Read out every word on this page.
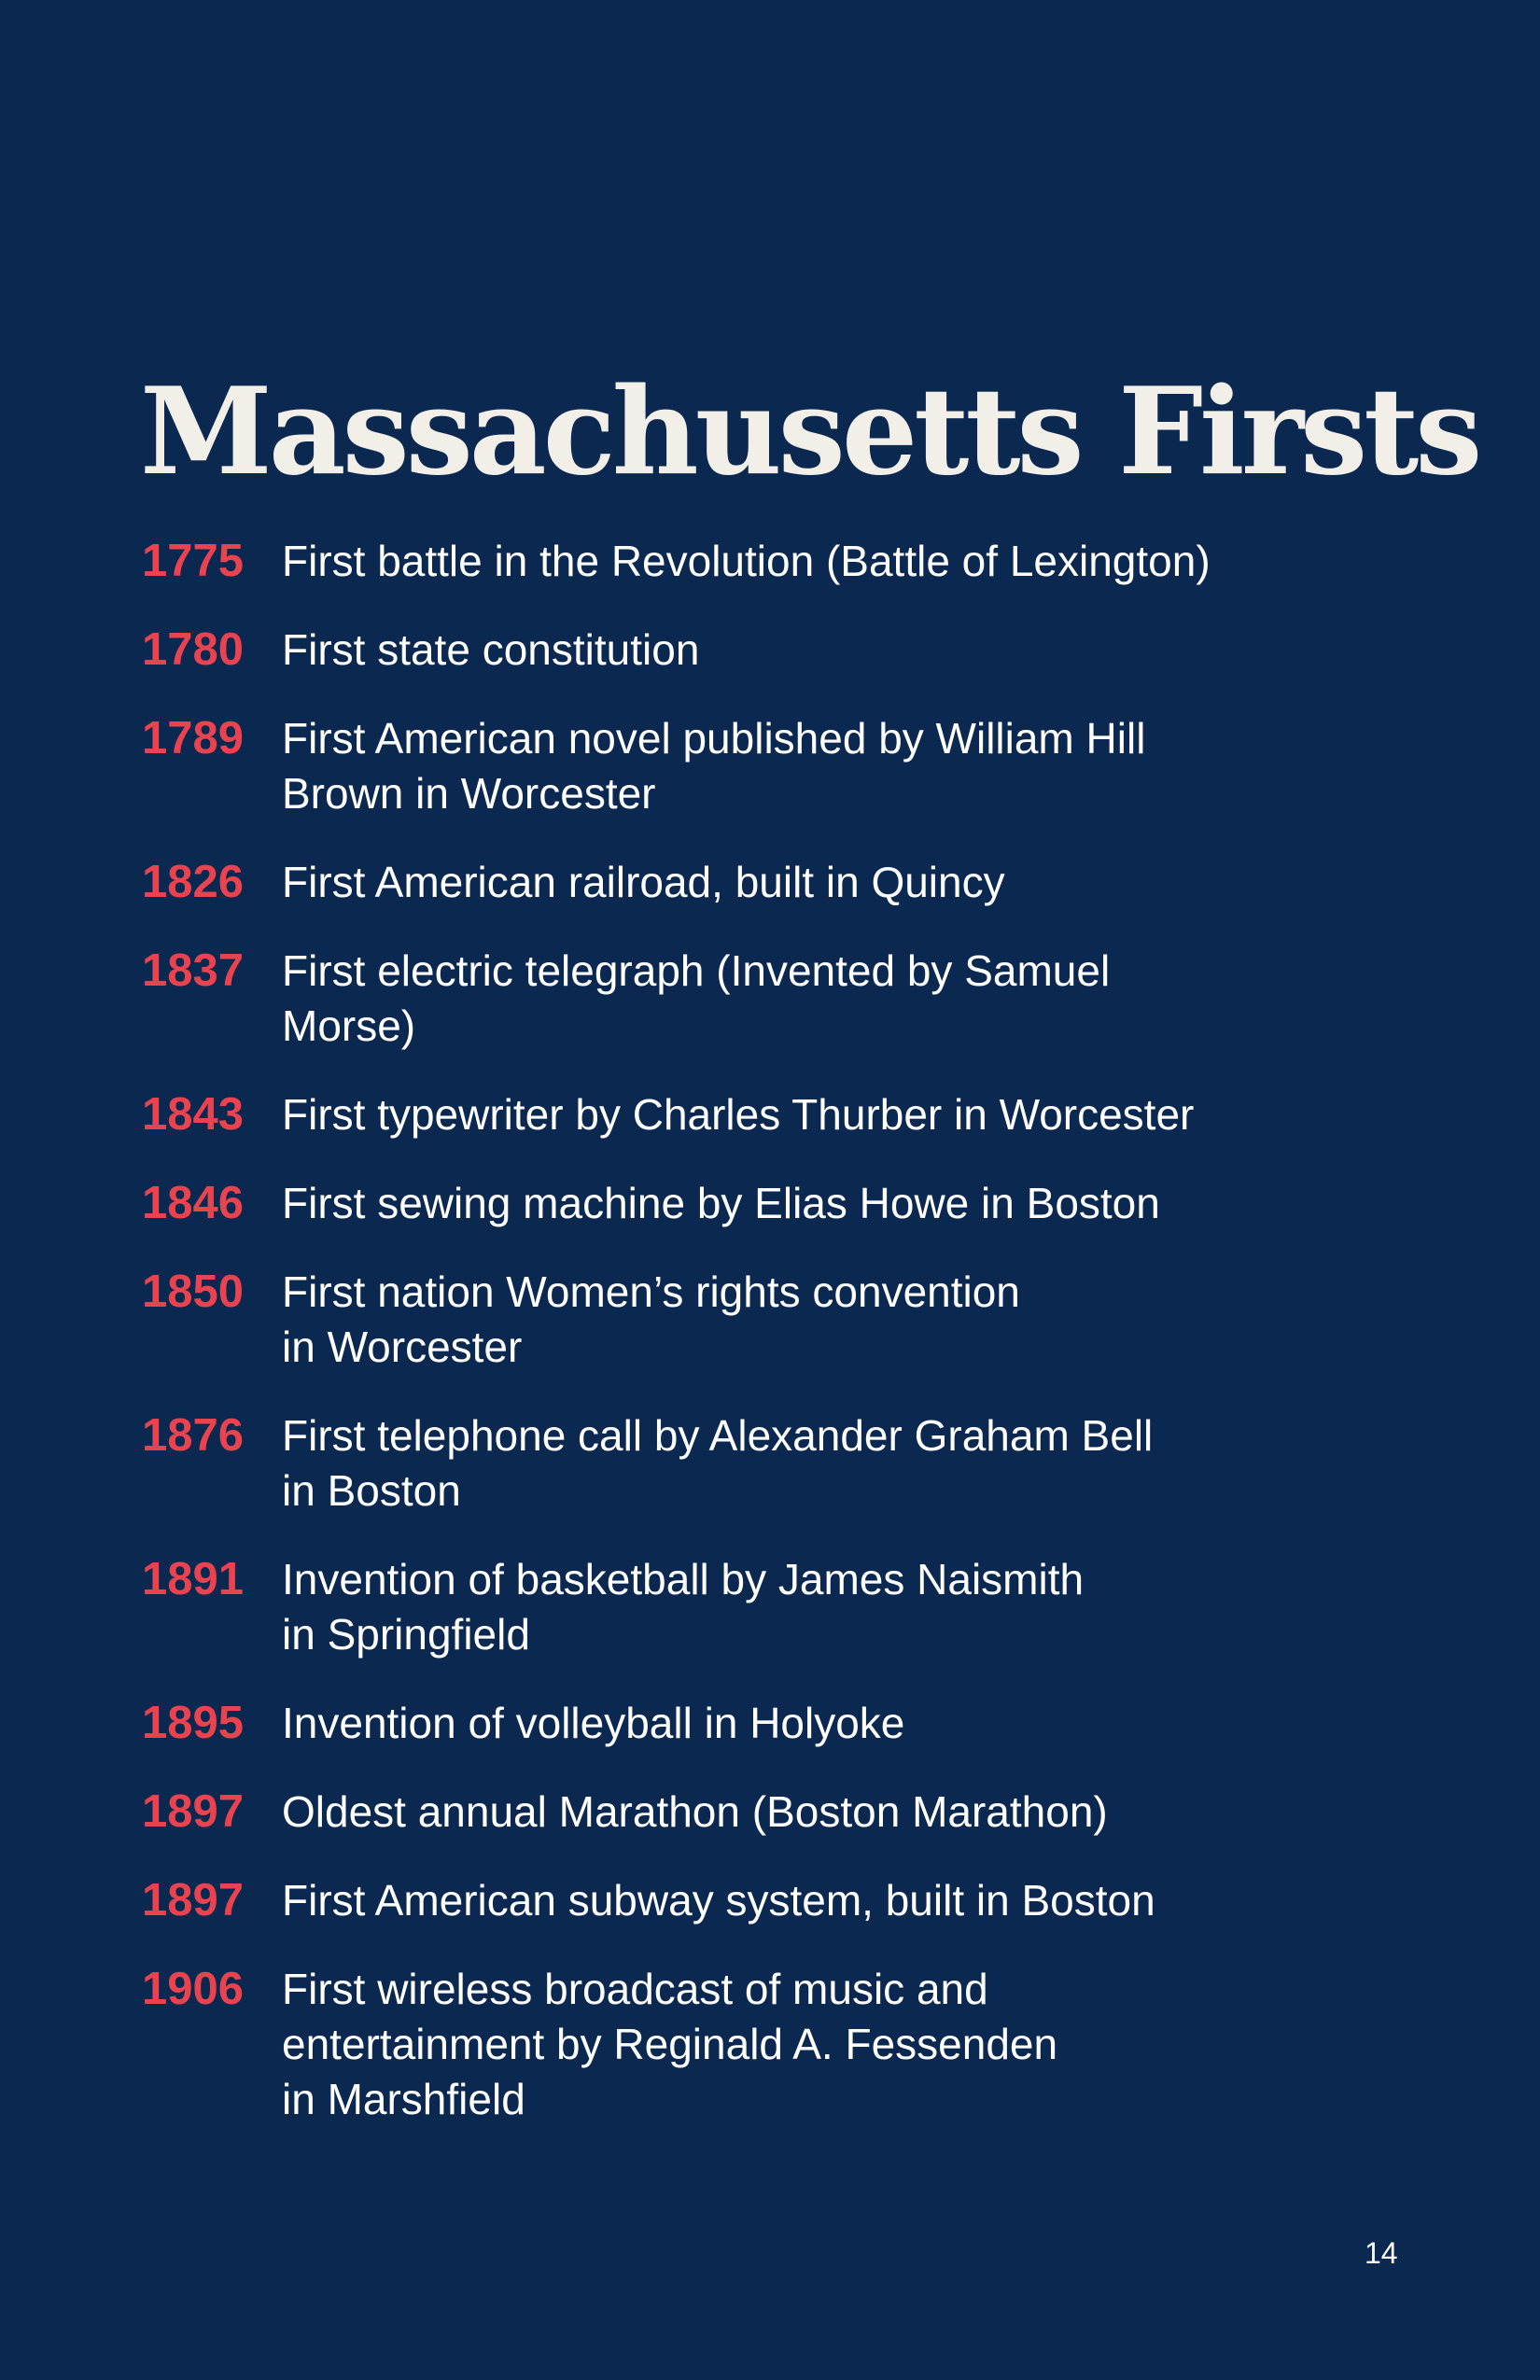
Massachusetts Firsts
1775 First battle in the Revolution (Battle of Lexington)
1780 First state constitution
1789 First American novel published by William Hill
Brown in Worcester
1826 First American railroad, built in Quincy
1837 First electric telegraph (Invented by Samuel
Morse)
1843 First typewriter by Charles Thurber in Worcester
1846 First sewing machine by Elias Howe in Boston
1850 First nation Women’s rights convention
in Worcester
1876 First telephone call by Alexander Graham Bell
in Boston
1891 Invention of basketball by James Naismith
in Springfield
1895 Invention of volleyball in Holyoke
1897 Oldest annual Marathon (Boston Marathon)
1897 First American subway system, built in Boston
1906 First wireless broadcast of music and
entertainment by Reginald A. Fessenden
in Marshfield
14
